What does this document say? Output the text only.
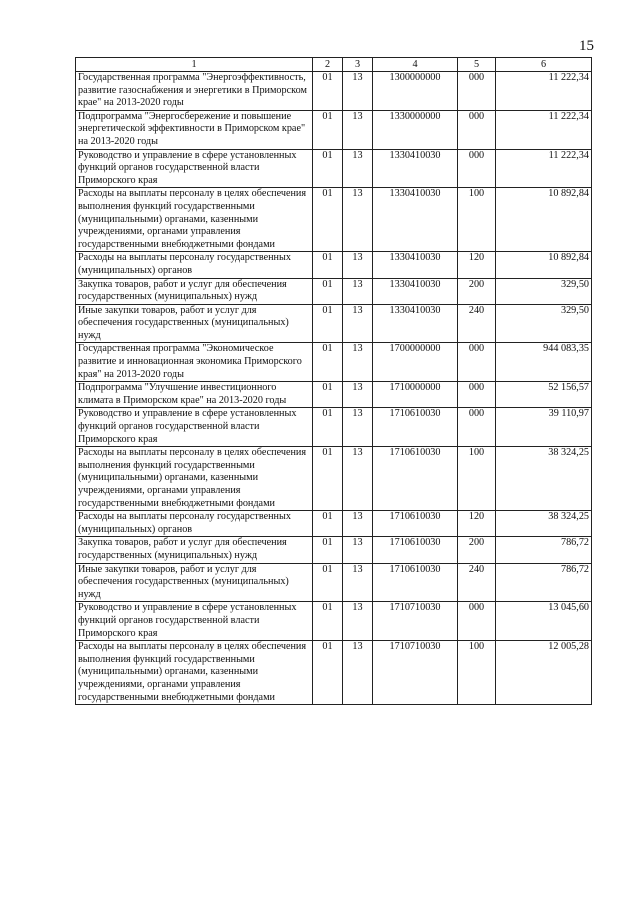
15
1	2	3	4	5	6
Государственная программа "Энергоэффективность, развитие газоснабжения и энергетики в Приморском крае" на 2013-2020 годы	01	13	1300000000	000	11 222,34
Подпрограмма "Энергосбережение и повышение энергетической эффективности в Приморском крае" на 2013-2020 годы	01	13	1330000000	000	11 222,34
Руководство и управление в сфере установленных функций органов государственной власти Приморского края	01	13	1330410030	000	11 222,34
Расходы на выплаты персоналу в целях обеспечения выполнения функций государственными (муниципальными) органами, казенными учреждениями, органами управления государственными внебюджетными фондами	01	13	1330410030	100	10 892,84
Расходы на выплаты персоналу государственных (муниципальных) органов	01	13	1330410030	120	10 892,84
Закупка товаров, работ и услуг для обеспечения государственных (муниципальных) нужд	01	13	1330410030	200	329,50
Иные закупки товаров, работ и услуг для обеспечения государственных (муниципальных) нужд	01	13	1330410030	240	329,50
Государственная программа "Экономическое развитие и инновационная экономика Приморского края" на 2013-2020 годы	01	13	1700000000	000	944 083,35
Подпрограмма "Улучшение инвестиционного климата в Приморском крае" на 2013-2020 годы	01	13	1710000000	000	52 156,57
Руководство и управление в сфере установленных функций органов государственной власти Приморского края	01	13	1710610030	000	39 110,97
Расходы на выплаты персоналу в целях обеспечения выполнения функций государственными (муниципальными) органами, казенными учреждениями, органами управления государственными внебюджетными фондами	01	13	1710610030	100	38 324,25
Расходы на выплаты персоналу государственных (муниципальных) органов	01	13	1710610030	120	38 324,25
Закупка товаров, работ и услуг для обеспечения государственных (муниципальных) нужд	01	13	1710610030	200	786,72
Иные закупки товаров, работ и услуг для обеспечения государственных (муниципальных) нужд	01	13	1710610030	240	786,72
Руководство и управление в сфере установленных функций органов государственной власти Приморского края	01	13	1710710030	000	13 045,60
Расходы на выплаты персоналу в целях обеспечения выполнения функций государственными (муниципальными) органами, казенными учреждениями, органами управления государственными внебюджетными фондами	01	13	1710710030	100	12 005,28
